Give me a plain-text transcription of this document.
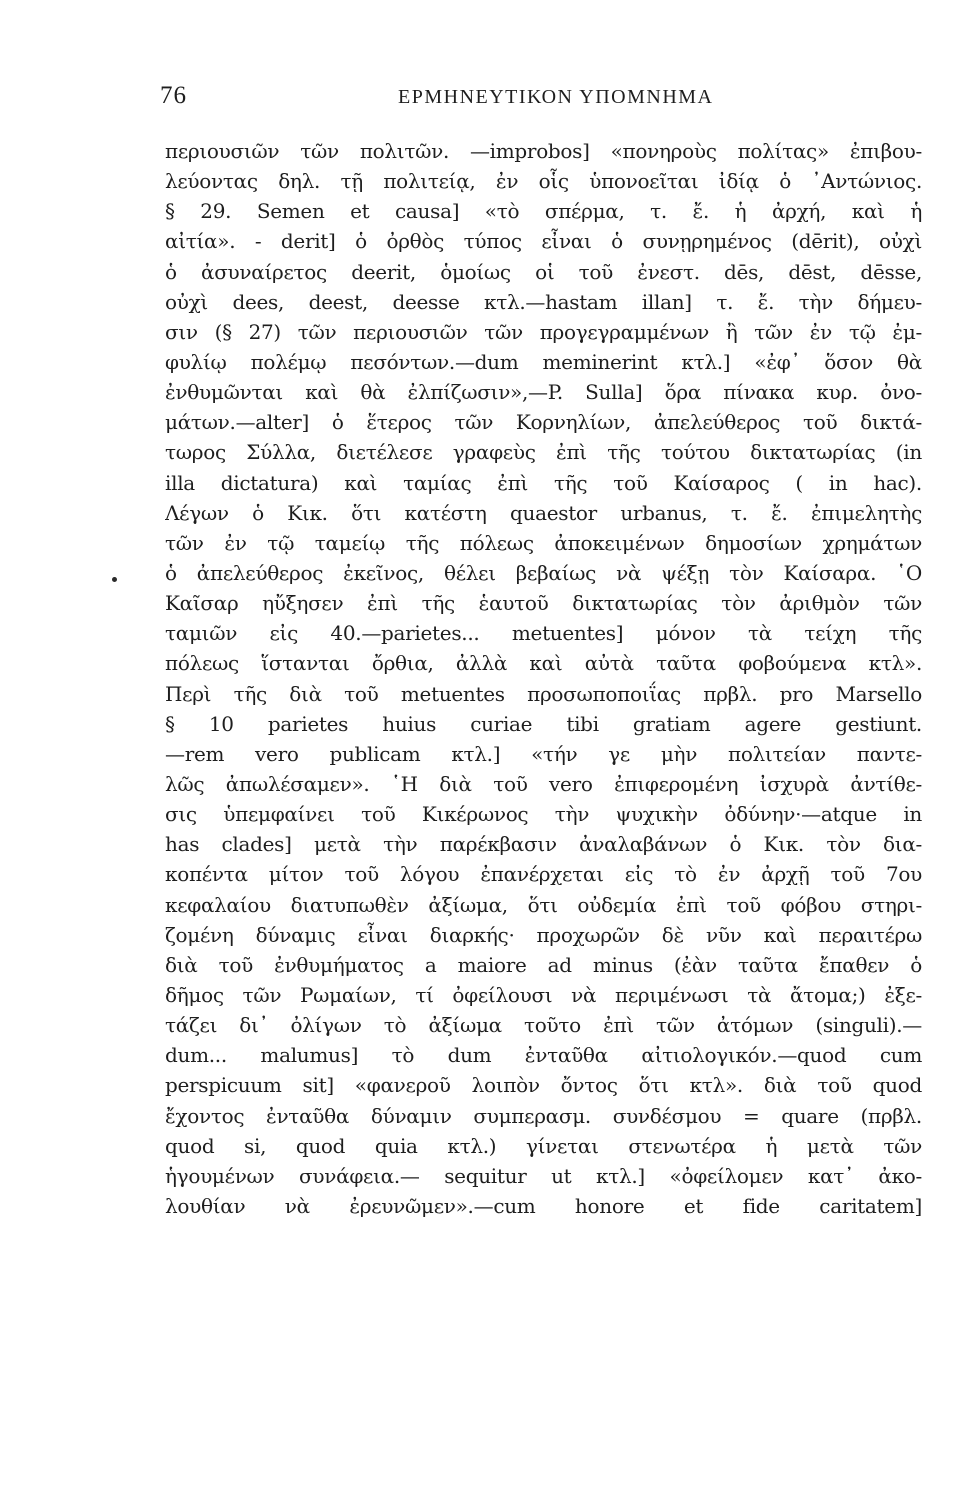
76	ΕΡΜΗΝΕΥΤΙΚΟΝ ΥΠΟΜΝΗΜΑ
περιουσιῶν τῶν πολιτῶν. —improbos] «πονηροὺς πολίτας» ἐπιβου-
λεύοντας δηλ. τῇ πολιτείᾳ, ἐν οἷς ὑπονοεῖται ἰδίᾳ ὁ ᾿Αντώνιος.
§ 29. Semen et causa] «τὸ σπέρμα, τ. ἔ. ἡ ἀρχή, καὶ ἡ
αἰτία». - derit] ὁ ὀρθὸς τύπος εἶναι ὁ συνῃρημένος (dērit), οὐχὶ
ὁ ἀσυναίρετος deerit, ὁμοίως οἱ τοῦ ἐνεστ. dēs, dēst, dēsse,
οὐχὶ dees, deest, deesse κτλ.—hastam illan] τ. ἔ. τὴν δήμευ-
σιν (§ 27) τῶν περιουσιῶν τῶν προγεγραμμένων ἢ τῶν ἐν τῷ ἐμ-
φυλίῳ πολέμῳ πεσόντων.—dum meminerint κτλ.] «ἐφ᾿ ὅσον θὰ
ἐνθυμῶνται καὶ θὰ ἐλπίζωσιν»,—P. Sulla] ὅρα πίνακα κυρ. ὀνο-
μάτων.—alter] ὁ ἕτερος τῶν Κορνηλίων, ἀπελεύθερος τοῦ δικτά-
τωρος Σύλλα, διετέλεσε γραφεὺς ἐπὶ τῆς τούτου δικτατωρίας (in
illa dictatura) καὶ ταμίας ἐπὶ τῆς τοῦ Καίσαρος ( in hac).
Λέγων ὁ Κικ. ὅτι κατέστη quaestor urbanus, τ. ἔ. ἐπιμελητὴς
τῶν ἐν τῷ ταμείῳ τῆς πόλεως ἀποκειμένων δημοσίων χρημάτων
ὁ ἀπελεύθερος ἐκεῖνος, θέλει βεβαίως νὰ ψέξῃ τὸν Καίσαρα. ῾Ο
Καῖσαρ ηὔξησεν ἐπὶ τῆς ἑαυτοῦ δικτατωρίας τὸν ἀριθμὸν τῶν
ταμιῶν εἰς 40.—parietes... metuentes] μόνον τὰ τείχη τῆς
πόλεως ἵστανται ὄρθια, ἀλλὰ καὶ αὐτὰ ταῦτα φοβούμενα κτλ».
Περὶ τῆς διὰ τοῦ metuentes προσωποποιΐας πρβλ. pro Marsello
§ 10 parietes huius curiae tibi gratiam agere gestiunt.
—rem vero publicam κτλ.] «τήν γε μὴν πολιτείαν παντε-
λῶς ἀπωλέσαμεν». ῾Η διὰ τοῦ vero ἐπιφερομένη ἰσχυρὰ ἀντίθε-
σις ὑπεμφαίνει τοῦ Κικέρωνος τὴν ψυχικὴν ὀδύνην·—atque in
has clades] μετὰ τὴν παρέκβασιν ἀναλαβάνων ὁ Κικ. τὸν δια-
κοπέντα μίτον τοῦ λόγου ἐπανέρχεται εἰς τὸ ἐν ἀρχῇ τοῦ 7ου
κεφαλαίου διατυπωθὲν ἀξίωμα, ὅτι οὐδεμία ἐπὶ τοῦ φόβου στηρι-
ζομένη δύναμις εἶναι διαρκής· προχωρῶν δὲ νῦν καὶ περαιτέρω
διὰ τοῦ ἐνθυμήματος a maiore ad minus (ἐὰν ταῦτα ἔπαθεν ὁ
δῆμος τῶν Ρωμαίων, τί ὀφείλουσι νὰ περιμένωσι τὰ ἄτομα;) ἐξε-
τάζει δι᾿ ὀλίγων τὸ ἀξίωμα τοῦτο ἐπὶ τῶν ἀτόμων (singuli).—
dum... malumus] τὸ dum ἐνταῦθα αἰτιολογικόν.—quod cum
perspicuum sit] «φανεροῦ λοιπὸν ὄντος ὅτι κτλ». διὰ τοῦ quod
ἔχοντος ἐνταῦθα δύναμιν συμπερασμ. συνδέσμου = quare (πρβλ.
quod si, quod quia κτλ.) γίνεται στενωτέρα ἡ μετὰ τῶν
ἡγουμένων συνάφεια.— sequitur ut κτλ.] «ὀφείλομεν κατ᾿ ἀκο-
λουθίαν νὰ ἐρευνῶμεν».—cum honore et fide caritatem]
